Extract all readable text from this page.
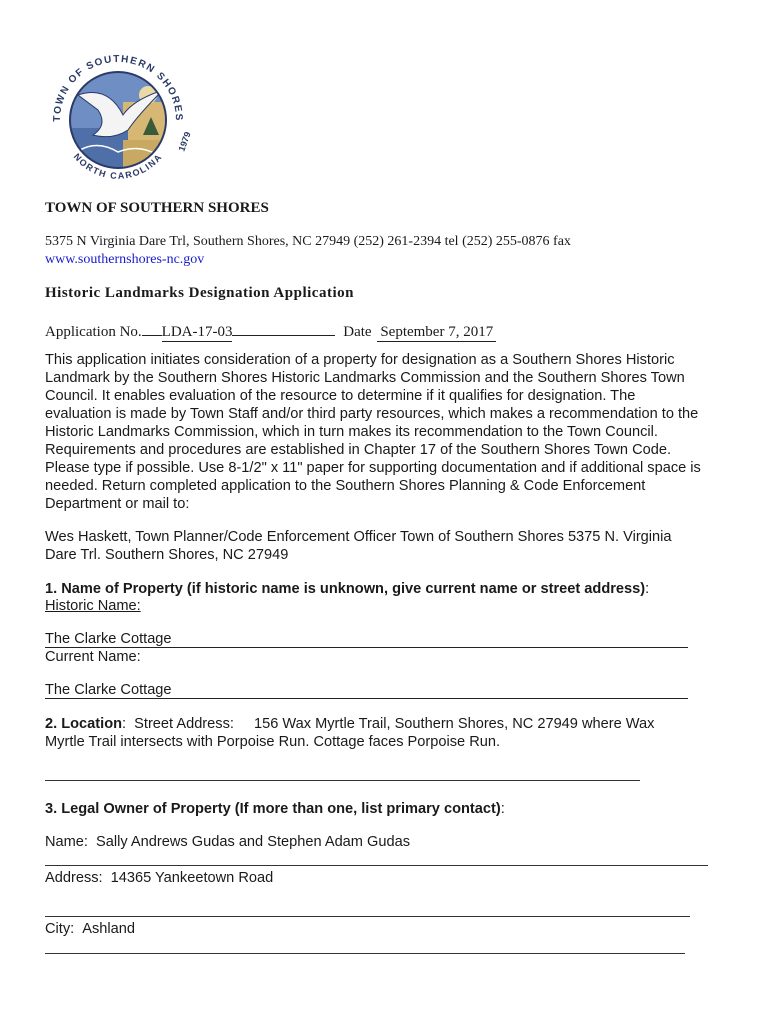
TOWN OF SOUTHERN SHORES
NORTH CAROLINA
1979
TOWN OF SOUTHERN SHORES
5375 N Virginia Dare Trl, Southern Shores, NC 27949 (252) 261-2394 tel (252) 255-0876 fax
www.southernshores-nc.gov
Historic Landmarks Designation Application
Application No. LDA-17-03	Date September 7, 2017
This application initiates consideration of a property for designation as a Southern Shores Historic
Landmark by the Southern Shores Historic Landmarks Commission and the Southern Shores Town
Council. It enables evaluation of the resource to determine if it qualifies for designation. The
evaluation is made by Town Staff and/or third party resources, which makes a recommendation to the
Historic Landmarks Commission, which in turn makes its recommendation to the Town Council.
Requirements and procedures are established in Chapter 17 of the Southern Shores Town Code.
Please type if possible. Use 8-1/2" x 11" paper for supporting documentation and if additional space is
needed. Return completed application to the Southern Shores Planning & Code Enforcement
Department or mail to:
Wes Haskett, Town Planner/Code Enforcement Officer Town of Southern Shores 5375 N. Virginia
Dare Trl. Southern Shores, NC 27949
1. Name of Property (if historic name is unknown, give current name or street address):
Historic Name:
The Clarke Cottage
Current Name:
The Clarke Cottage
2. Location: Street Address: 156 Wax Myrtle Trail, Southern Shores, NC 27949 where Wax
Myrtle Trail intersects with Porpoise Run. Cottage faces Porpoise Run.
3. Legal Owner of Property (If more than one, list primary contact):
Name: Sally Andrews Gudas and Stephen Adam Gudas
Address: 14365 Yankeetown Road
City: Ashland
